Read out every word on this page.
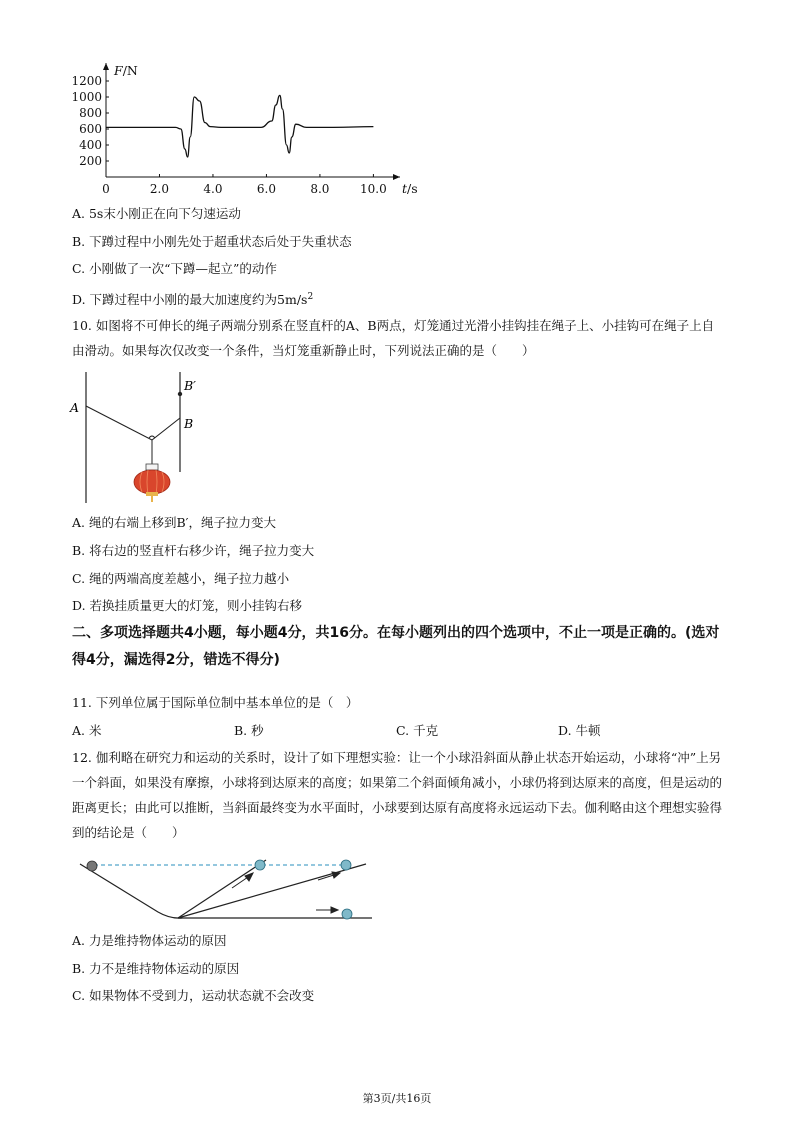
1200
1000
800
600
400
200
0	2.0	4.0	6.0	8.0	10.0
F/N
t/s
A. 5s末小刚正在向下匀速运动
B. 下蹲过程中小刚先处于超重状态后处于失重状态
C. 小刚做了一次“下蹲—起立”的动作
D. 下蹲过程中小刚的最大加速度约为$5m/s^2$
10. 如图将不可伸长的绳子两端分别系在竖直杆的A、B两点，灯笼通过光滑小挂钩挂在绳子上、小挂钩可在绳子上自由滑动。如果每次仅改变一个条件，当灯笼重新静止时，下列说法正确的是（　　）
A
B
B′
A. 绳的右端上移到B′，绳子拉力变大
B. 将右边的竖直杆右移少许，绳子拉力变大
C. 绳的两端高度差越小，绳子拉力越小
D. 若换挂质量更大的灯笼，则小挂钩右移
二、多项选择题共4小题，每小题4分，共16分。在每小题列出的四个选项中，不止一项是正确的。(选对得4分，漏选得2分，错选不得分)
11. 下列单位属于国际单位制中基本单位的是（　）
A. 米	B. 秒	C. 千克	D. 牛顿
12. 伽利略在研究力和运动的关系时，设计了如下理想实验：让一个小球沿斜面从静止状态开始运动，小球将“冲”上另一个斜面，如果没有摩擦，小球将到达原来的高度；如果第二个斜面倾角减小，小球仍将到达原来的高度，但是运动的距离更长；由此可以推断，当斜面最终变为水平面时，小球要到达原有高度将永远运动下去。伽利略由这个理想实验得到的结论是（　　）
A. 力是维持物体运动的原因
B. 力不是维持物体运动的原因
C. 如果物体不受到力，运动状态就不会改变
第3页/共16页
